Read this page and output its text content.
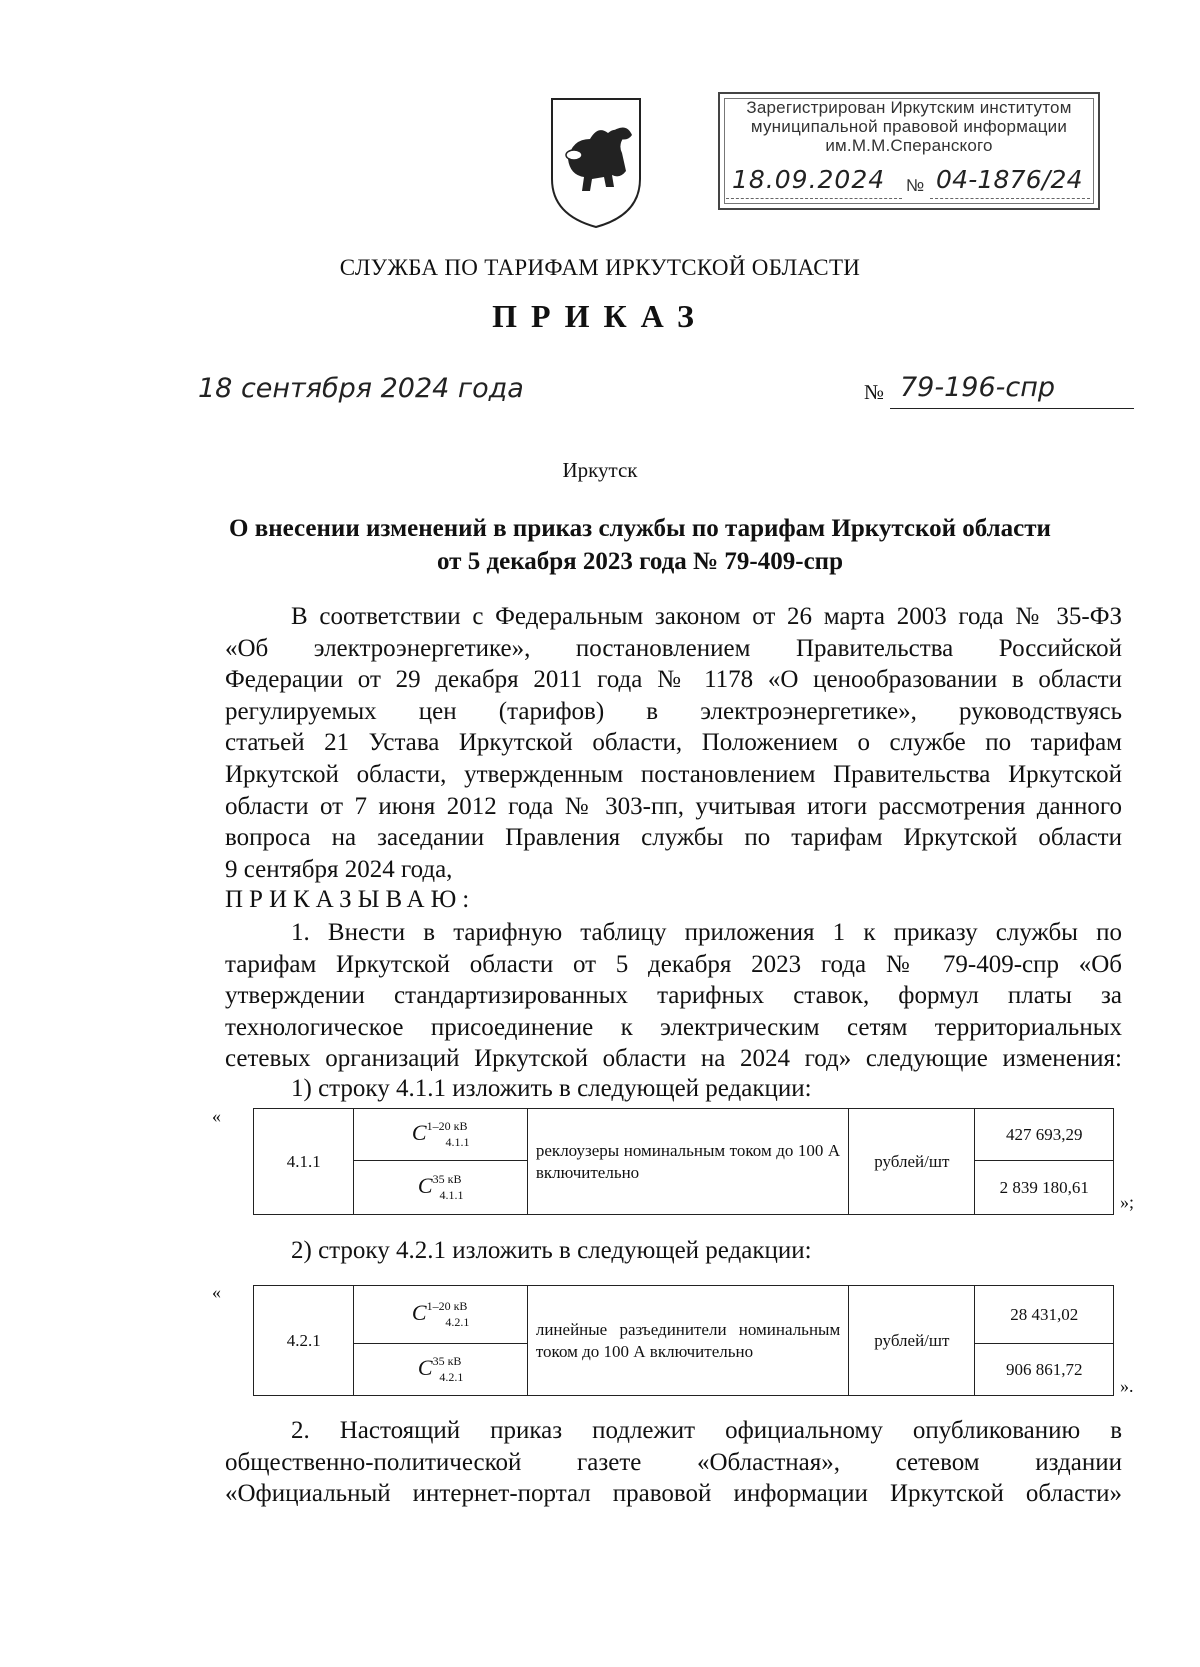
Зарегистрирован Иркутским институтом
муниципальной правовой информации
им.М.М.Сперанского
18.09.2024 № 04-1876/24
СЛУЖБА ПО ТАРИФАМ ИРКУТСКОЙ ОБЛАСТИ
ПРИКАЗ
18 сентября 2024 года	№ 79-196-спр
Иркутск
О внесении изменений в приказ службы по тарифам Иркутской области
от 5 декабря 2023 года № 79-409-спр
В соответствии с Федеральным законом от 26 марта 2003 года № 35-ФЗ
«Об электроэнергетике», постановлением Правительства Российской
Федерации от 29 декабря 2011 года № 1178 «О ценообразовании в области
регулируемых цен (тарифов) в электроэнергетике», руководствуясь
статьей 21 Устава Иркутской области, Положением о службе по тарифам
Иркутской области, утвержденным постановлением Правительства Иркутской
области от 7 июня 2012 года № 303-пп, учитывая итоги рассмотрения данного
вопроса на заседании Правления службы по тарифам Иркутской области
9 сентября 2024 года,
ПРИКАЗЫВАЮ:
1. Внести в тарифную таблицу приложения 1 к приказу службы по
тарифам Иркутской области от 5 декабря 2023 года № 79-409-спр «Об
утверждении стандартизированных тарифных ставок, формул платы за
технологическое присоединение к электрическим сетям территориальных
сетевых организаций Иркутской области на 2024 год» следующие изменения:
1) строку 4.1.1 изложить в следующей редакции:
«
4.1.1	$C^{1-20 кВ}_{4.1.1}$	реклоузеры номинальным током до 100 А включительно	рублей/шт	427 693,29
	$C^{35 кВ}_{4.1.1}$			2 839 180,61
»;
2) строку 4.2.1 изложить в следующей редакции:
«
4.2.1	$C^{1-20 кВ}_{4.2.1}$	линейные разъединители номинальным током до 100 А включительно	рублей/шт	28 431,02
	$C^{35 кВ}_{4.2.1}$			906 861,72
».
2. Настоящий приказ подлежит официальному опубликованию в
общественно-политической газете «Областная», сетевом издании
«Официальный интернет-портал правовой информации Иркутской области»
